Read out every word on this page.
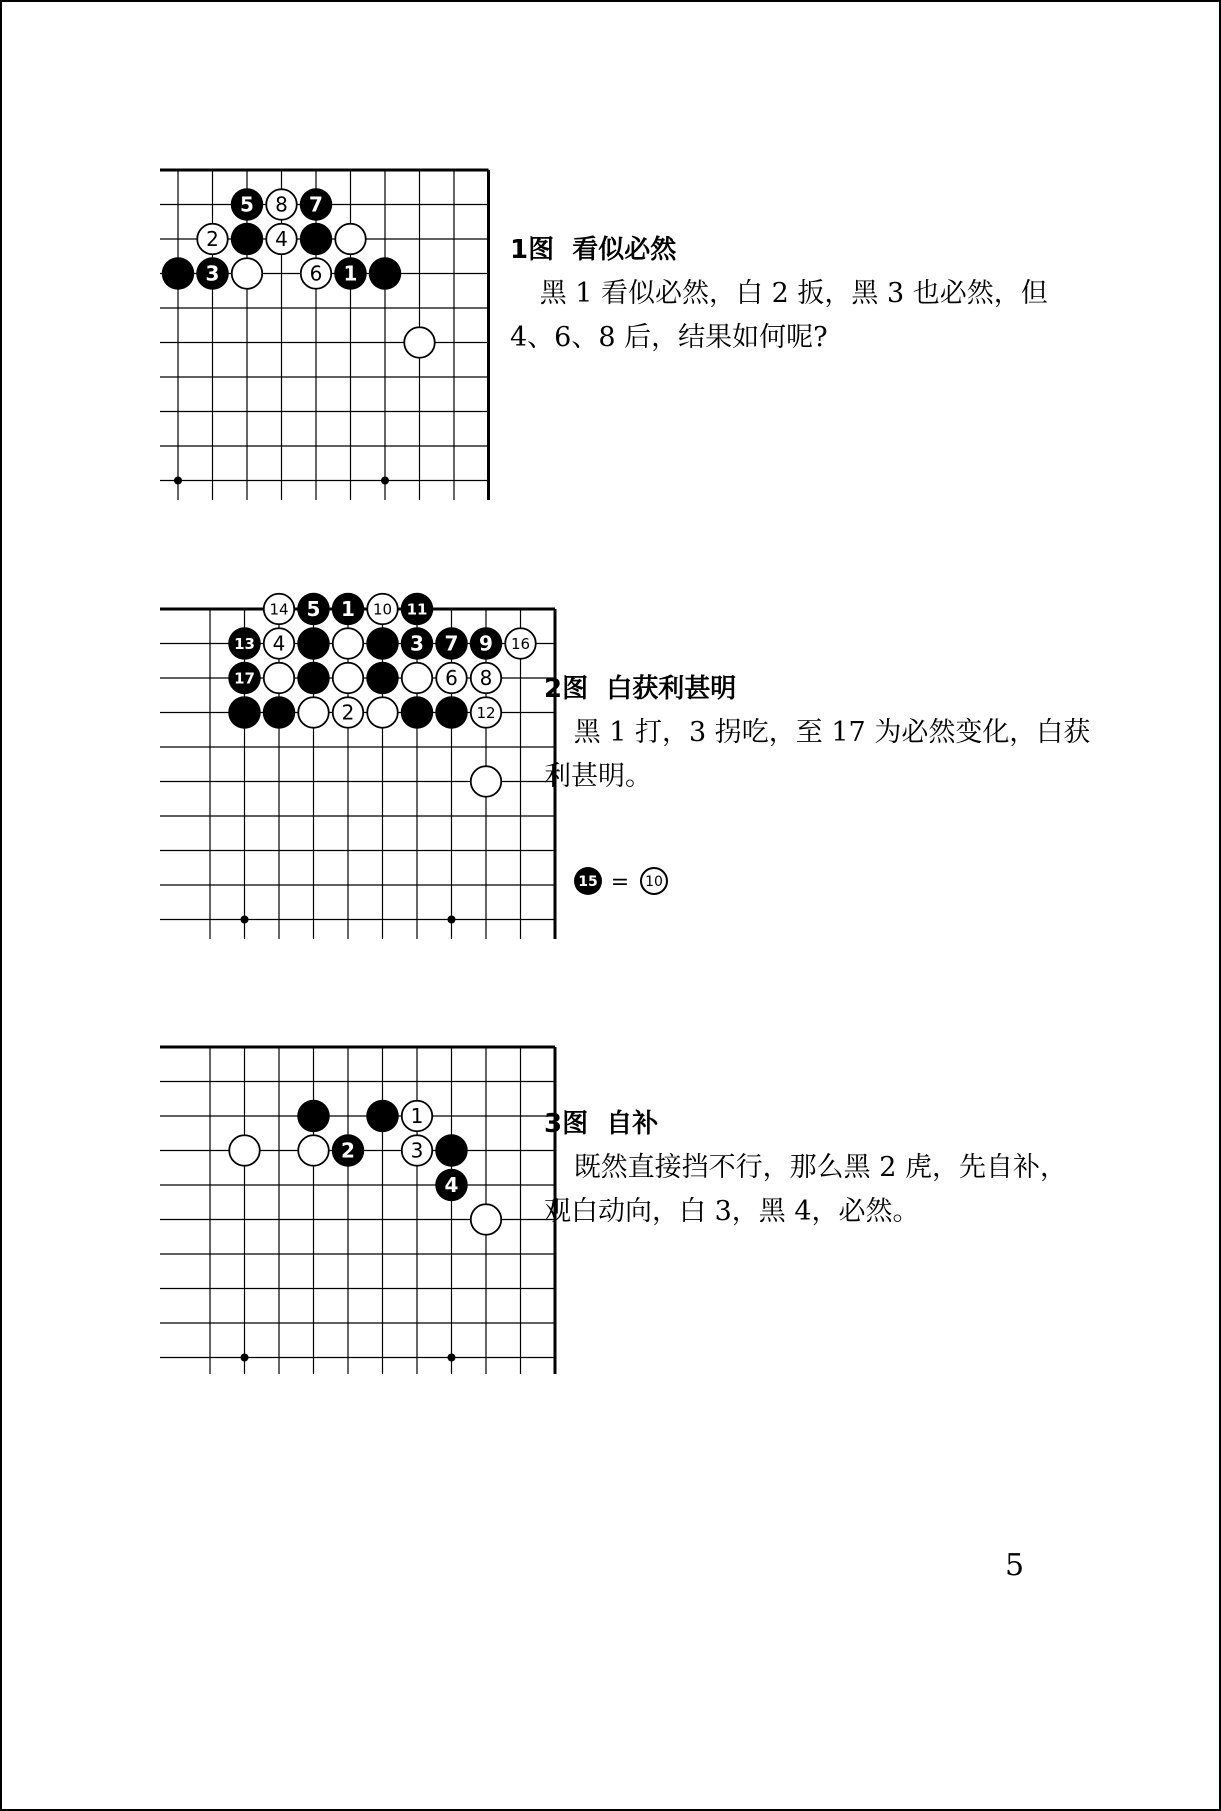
5 8 7
2	4
3	6 1
1图  看似必然
黑 1 看似必然，白 2 扳，黑 3 也必然，但 4、6、8 后，结果如何呢?
14 5 1 10 11
13 4	3 7 9 16
17	6 8
2	12
2图  白获利甚明
黑 1 打，3 拐吃，至 17 为必然变化，白获利甚明。
15 = 10
1
2	3
4
3图  自补
既然直接挡不行，那么黑 2 虎，先自补，观白动向，白 3，黑 4，必然。
5
